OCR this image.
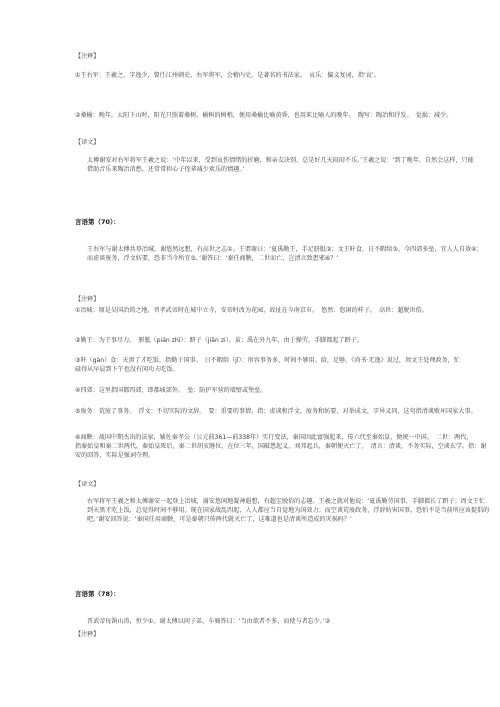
【注释】

①王右军：王羲之，字逸少，曾任江州刺史、右军将军，会稽内史，是著名的书法家。　哀乐：偏义复词，指‘哀’。

②桑榆：晚年。太阳下山时，阳光只照着桑树、榆树的树梢，便用桑榆比喻黄昏，也用来比喻人的晚年。　陶写：陶冶和抒发。　觉损：减少。

【译文】

太傅谢安对右军将军王羲之说：‘中年以来，受到哀伤情绪的折磨，和亲友诀别，总是好几天闷闷不乐。’王羲之说：‘到了晚年，自然会这样，只能
借助音乐来陶冶消愁，还常常担心子侄辈减少欢乐的情趣。’

言语第（70）：

王右军与谢太傅共登冶城，谢悠然远想，有高世之志①。王谓谢曰：‘夏禹勤王，手足胼胝②；文王旰食，日不暇给③。今四郊多垒，宜人人自效④；
而虚谈废务，浮文妨要，恐非当今所宜⑤。’谢答曰：‘秦任商鞅，二世而亡，岂清言致患邪⑥？’

【注释】

①冶城：原是吴国冶铸之地，晋孝武帝时在城中立寺，安帝时改为花园，故址在今南京市。　悠然：悠闲的样子。　高世：超脱世俗。

②勤王：为王事尽力。　胼胝（pián zhī）：趼子（jiǎn zi），茧；禹在外九年，由于操劳，手脚都起了趼子。

③旰（gàn）食：天黑了才吃饭，指勤于国事。　日不暇给（jǐ）：形容事务多，时间不够用。给，足够。《尚书·无逸》说过，周文王处理政务，忙
碌得从早晨到下午也没有闲功夫吃饭。

④四郊：这里指国都四郊，即都城郊外。　垒：防护军营的墙壁或堡垒。

⑤废务：荒废了事务。　浮文：不切实际的文辞。　要：重要的事情。指：虚谈和浮文、废务和妨要，对举成文，字异义同，这句指清谈败坏国家大事。

⑥商鞅：战国中期杰出的法家，辅佐秦孝公（公元前361—前338年）实行变法，秦国因此富强起来，传六代至秦始皇，便统一中国。　二世：两代，
指秦始皇和秦二世两代。秦始皇死后，秦二世胡亥继位，在位三年，国破患起义，刘邦起兵，秦朝便灭亡了。　清言：清谈，不务实际，空谈玄学。指：谢
安的回答，实际是强词夺理。

【译文】

右军将军王羲之和太傅谢安一起登上冶城，谢安悠闲地凝神遐想，有超尘脱俗的志趣。王羲之就对他说：‘夏禹勤劳国事，手脚都长了趼子；周文王忙
到天黑才吃上饭，总觉得时间不够用。现在国家战乱四起，人人都应当自觉地为国效力；而空谈荒废政务，浮辞妨害国事，恐怕不是当前所应该提倡的
吧。’谢安回答说：‘秦国任用商鞅，可是秦朝只传两代就灭亡了，这难道也是清谈所造成的灾祸吗？’

言语第（78）：

晋武帝每饷山涛，恒少①。谢太傅以问子弟，车骑答曰：‘当由欲者不多，而使与者忘少。’②

【注释】
